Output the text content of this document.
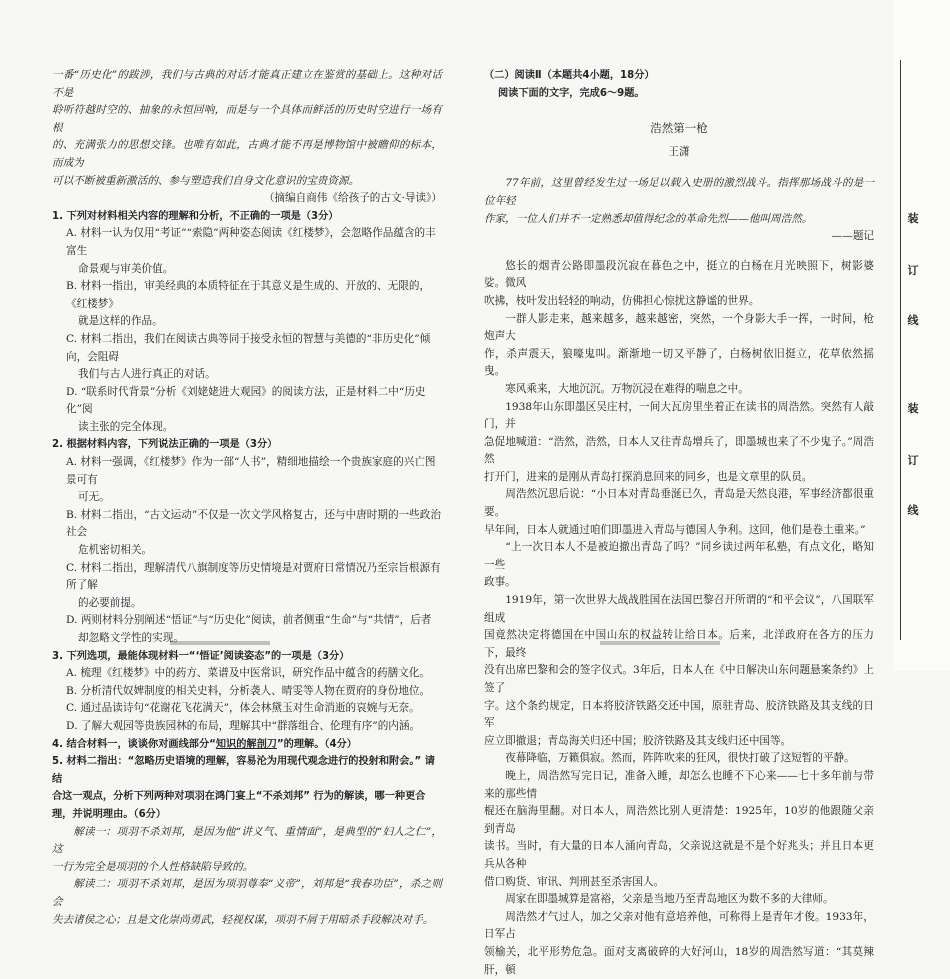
一番“历史化”的跋涉，我们与古典的对话才能真正建立在鉴赏的基础上。这种对话不是

聆听符越时空的、抽象的永恒回响，而是与一个具体而鲜活的历史时空进行一场有根

的、充满张力的思想交锋。也唯有如此，古典才能不再是博物馆中被瞻仰的标本，而成为

可以不断被重新激活的、参与塑造我们自身文化意识的宝贵资源。

（摘编自商伟《给孩子的古文·导读》）

1. 下列对材料相关内容的理解和分析，不正确的一项是（3分）

A. 材料一认为仅用“考证”“索隐”两种姿态阅读《红楼梦》，会忽略作品蕴含的丰富生
命景观与审美价值。
B. 材料一指出，审美经典的本质特征在于其意义是生成的、开放的、无限的，《红楼梦》
就是这样的作品。
C. 材料二指出，我们在阅读古典等同于接受永恒的智慧与美德的“非历史化”倾向，会阻碍
我们与古人进行真正的对话。
D. “联系时代背景”分析《刘姥姥进大观园》的阅读方法，正是材料二中“历史化”阅
读主张的完全体现。

2. 根据材料内容，下列说法正确的一项是（3分）

A. 材料一强调，《红楼梦》作为一部“人书”，精细地描绘一个贵族家庭的兴亡图景可有
可无。
B. 材料二指出，“古文运动”不仅是一次文学风格复古，还与中唐时期的一些政治社会
危机密切相关。
C. 材料二指出，理解清代八旗制度等历史情境是对贾府日常情况乃至宗旨根源有所了解
的必要前提。
D. 两则材料分别阐述“悟证”与“历史化”阅读，前者侧重“生命”与“共情”，后者
却忽略文学性的实现。

3. 下列选项，最能体现材料一“‘悟证’阅读姿态”的一项是（3分）

A. 梳理《红楼梦》中的药方、菜谱及中医常识，研究作品中蕴含的药膳文化。
B. 分析清代奴婢制度的相关史料，分析袭人、晴雯等人物在贾府的身份地位。
C. 通过品读诗句“花谢花飞花满天”，体会林黛玉对生命消逝的哀婉与无奈。
D. 了解大观园等贵族园林的布局，理解其中“群落组合、伦理有序”的内涵。

4. 结合材料一，谈谈你对画线部分“知识的解剖刀”的理解。（4分）

5. 材料二指出：“忽略历史语境的理解，容易沦为用现代观念进行的投射和附会。” 请结

合这一观点，分析下列两种对项羽在鸿门宴上“不杀刘邦” 行为的解读，哪一种更合

理，并说明理由。（6分）

解读一：项羽不杀刘邦，是因为他“讲义气、重情面”，是典型的“妇人之仁”，这

一行为完全是项羽的个人性格缺陷导致的。

解读二：项羽不杀刘邦，是因为项羽尊奉“义帝”，刘邦是“我春功臣”，杀之则会

失去诸侯之心；且是文化崇尚勇武，轻视权谋，项羽不屑于用暗杀手段解决对手。

（二）阅读Ⅱ（本题共4小题，18分）

阅读下面的文字，完成6～9题。

浩然第一枪

王潇

77年前，这里曾经发生过一场足以载入史册的激烈战斗。指挥那场战斗的是一位年轻

作家，一位人们并不一定熟悉却值得纪念的革命先烈——他叫周浩然。

——题记

悠长的烟青公路即墨段沉寂在暮色之中，挺立的白杨在月光映照下，树影婆娑。微风

吹拂，枝叶发出轻轻的响动，仿佛担心惊扰这静谧的世界。

一群人影走来，越来越多，越来越密，突然，一个身影大手一挥，一时间，枪炮声大

作，杀声震天，狼嚎鬼叫。渐渐地一切又平静了，白杨树依旧挺立，花草依然摇曳。

寒风乘来，大地沉沉。万物沉浸在难得的喘息之中。

1938年山东即墨区吴庄村，一间大瓦房里坐着正在读书的周浩然。突然有人敲门，并

急促地喊道：“浩然，浩然，日本人又往青岛增兵了，即墨城也来了不少鬼子。”周浩然

打开门，进来的是刚从青岛打探消息回来的同乡，也是文章里的队员。

周浩然沉思后说：“小日本对青岛垂涎已久，青岛是天然良港，军事经济都很重要。

早年间，日本人就通过咱们即墨进入青岛与德国人争利。这回，他们是卷土重来。”

“上一次日本人不是被迫撤出青岛了吗？”同乡读过两年私塾，有点文化，略知一些

政事。

1919年，第一次世界大战战胜国在法国巴黎召开所谓的“和平会议”，八国联军组成

国竟然决定将德国在中国山东的权益转让给日本。后来，北洋政府在各方的压力下，最终

没有出席巴黎和会的签字仪式。3年后，日本人在《中日解决山东问题悬案条约》上签了

字。这个条约规定，日本将胶济铁路交还中国，原驻青岛、胶济铁路及其支线的日军

应立即撤退；青岛海关归还中国；胶济铁路及其支线归还中国等。

夜幕降临，万籁俱寂。然而，阵阵吹来的狂风，很快打破了这短暂的平静。

晚上，周浩然写完日记，准备入睡，却怎么也睡不下心来——七十多年前与带来的那些情

棍还在脑海里翻。对日本人，周浩然比别人更清楚：1925年，10岁的他跟随父亲到青岛

读书。当时，有大量的日本人涌向青岛，父亲说这就是不是个好兆头；并且日本更兵从各种

借口购货、审讯、判刑甚至杀害国人。

周家在即墨城算是富裕，父亲是当地乃至青岛地区为数不多的大律师。

周浩然才气过人，加之父亲对他有意培养他，可称得上是青年才俊。1933年，日军占

领榆关，北平形势危急。面对支离破碎的大好河山，18岁的周浩然写道：“其莫辣肝，頓

装
订
线
装
订
线
